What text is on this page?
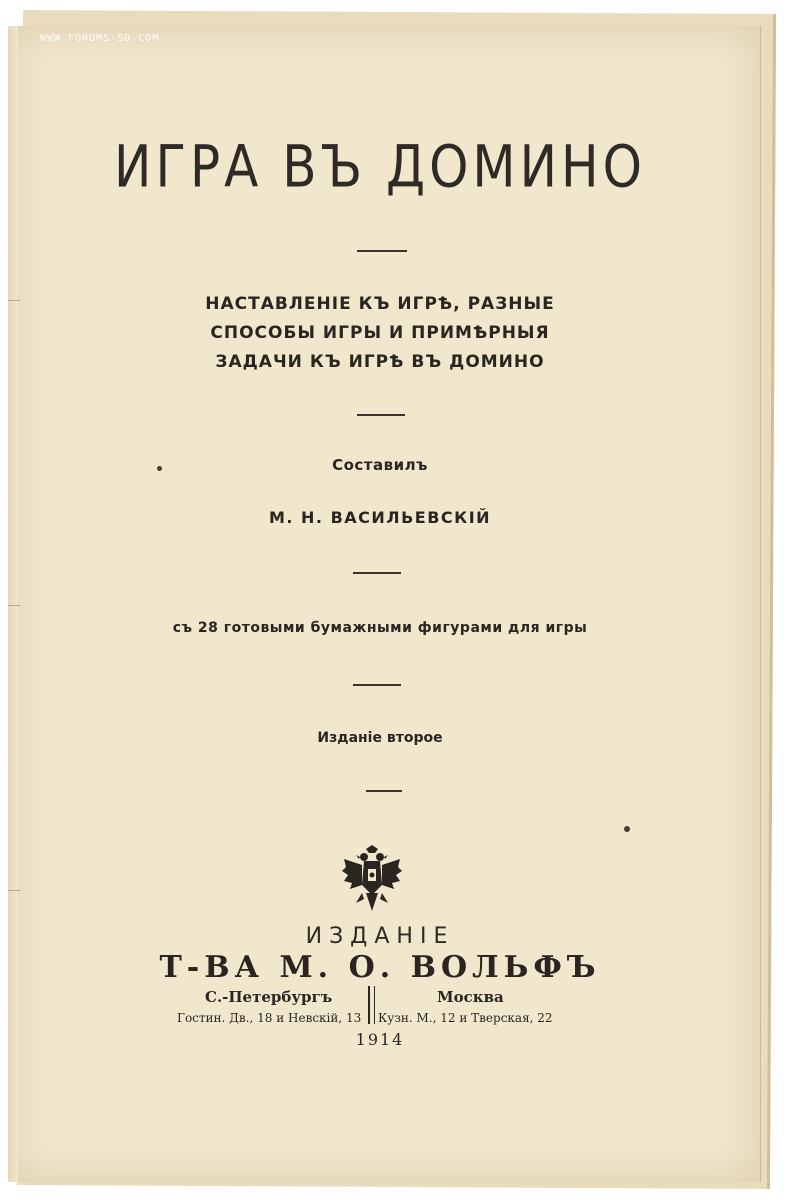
WWW.FORUMS-SD.COM
ИГРА ВЪ ДОМИНО
НАСТАВЛЕНІЕ КЪ ИГРѢ, РАЗНЫЕ
СПОСОБЫ ИГРЫ И ПРИМѢРНЫЯ
ЗАДАЧИ КЪ ИГРѢ ВЪ ДОМИНО
Составилъ
М. Н. ВАСИЛЬЕВСКІЙ
съ 28 готовыми бумажными фигурами для игры
Изданіе второе
ИЗДАНІЕ
Т-ВА М. О. ВОЛЬФЪ
С.-Петербургъ
Гостин. Дв., 18 и Невскій, 13
Москва
Кузн. М., 12 и Тверская, 22
1914
